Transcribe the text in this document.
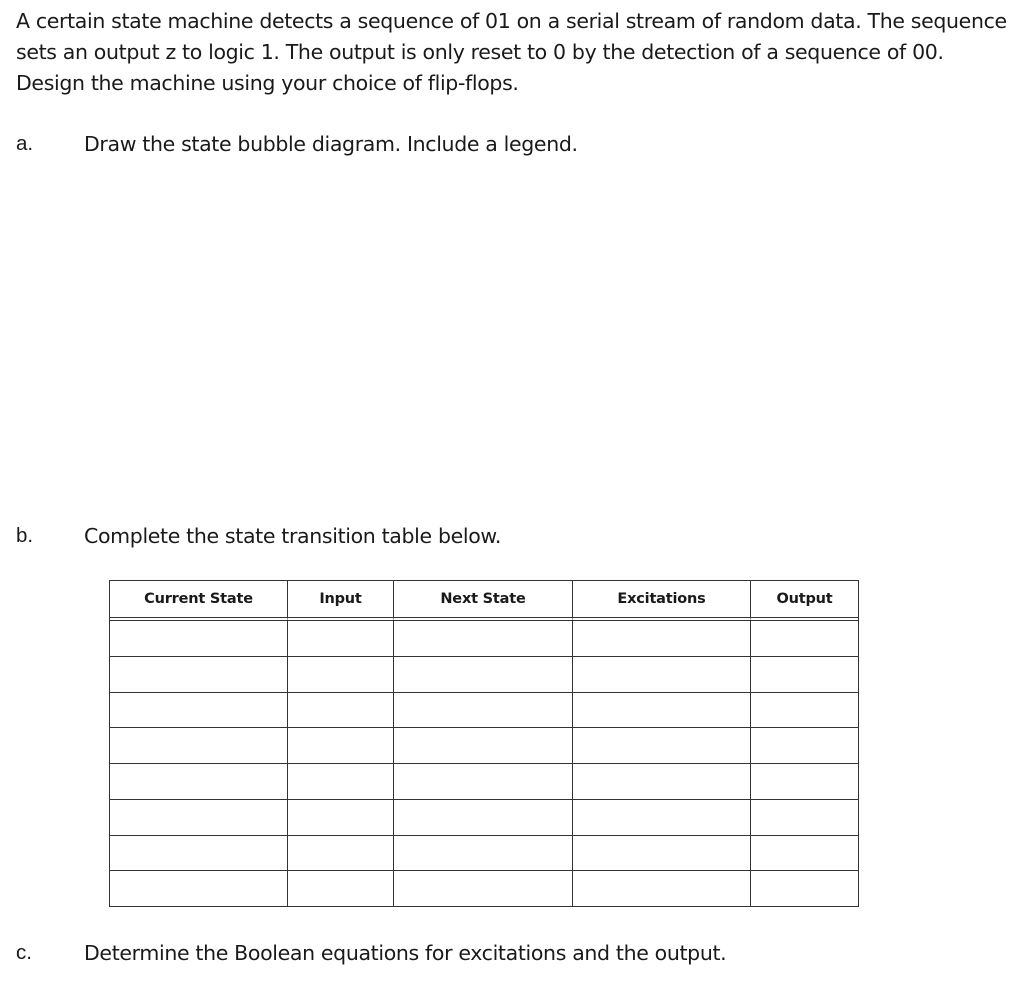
A certain state machine detects a sequence of 01 on a serial stream of random data. The sequence
sets an output z to logic 1. The output is only reset to 0 by the detection of a sequence of 00.
Design the machine using your choice of flip-flops.
a. Draw the state bubble diagram. Include a legend.
b. Complete the state transition table below.
Current State	Input	Next State	Excitations	Output

c.	Determine the Boolean equations for excitations and the output.
